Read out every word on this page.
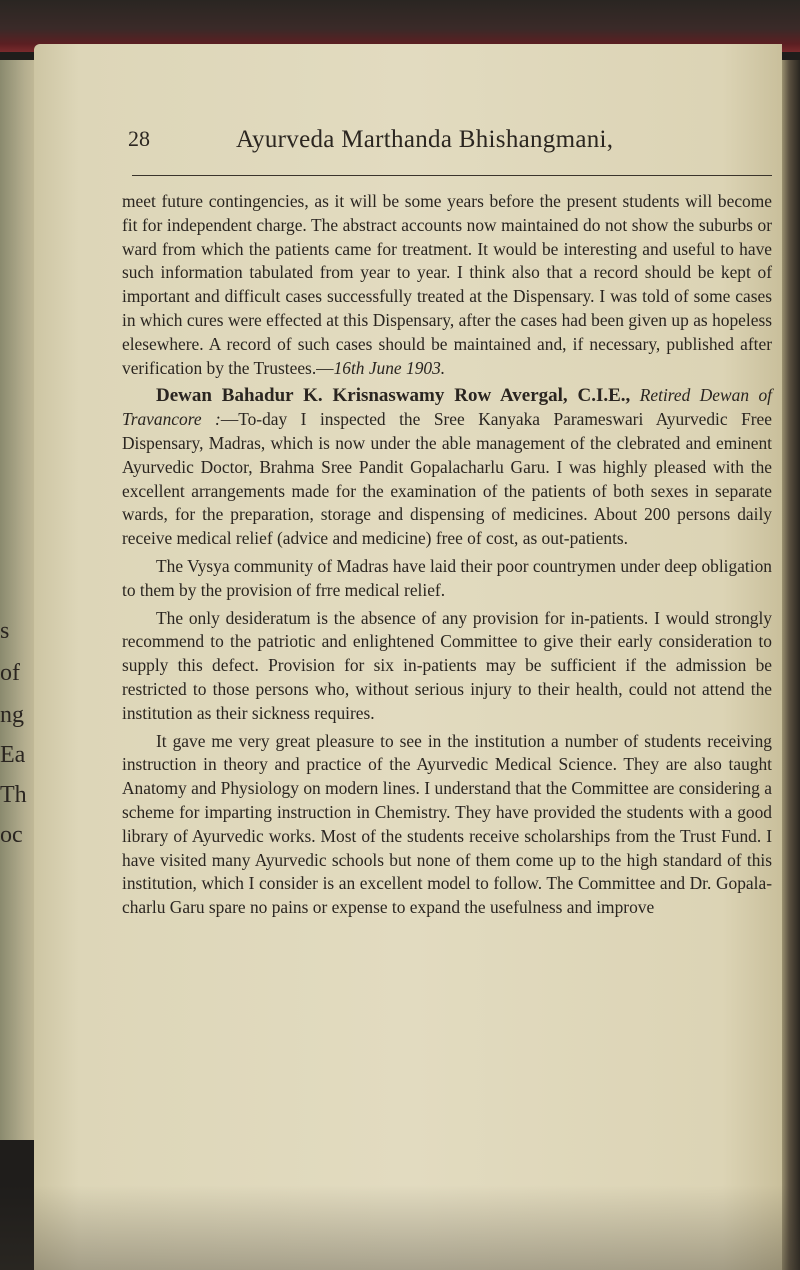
s
of
ng
Ea
Th
oc
28	Ayurveda Marthanda Bhishangmani,

meet future contingencies, as it will be some years before the present students will become fit for independent charge. The abstract accounts now maintained do not show the suburbs or ward from which the patients came for treatment. It would be interesting and useful to have such information tabulated from year to year. I think also that a record should be kept of important and difficult cases successfully treated at the Dispensary. I was told of some cases in which cures were effected at this Dispensary, after the cases had been given up as hopeless elesewhere. A record of such cases should be maintained and, if necessary, published after verification by the Trustees.—16th June 1903.

Dewan Bahadur K. Krisnaswamy Row Avergal, C.I.E., Retired Dewan of Travancore :—To-day I inspected the Sree Kanyaka Parameswari Ayurvedic Free Dispensary, Madras, which is now under the able management of the clebrated and eminent Ayurvedic Doctor, Brahma Sree Pandit Gopalacharlu Garu. I was highly pleased with the excellent arrangements made for the examination of the patients of both sexes in separate wards, for the preparation, storage and dispensing of medicines. About 200 persons daily receive medical relief (advice and medicine) free of cost, as out-patients.

The Vysya community of Madras have laid their poor countrymen under deep obligation to them by the provision of frre medical relief.

The only desideratum is the absence of any provision for in-patients. I would strongly recommend to the patriotic and enlightened Committee to give their early consideration to supply this defect. Provision for six in-patients may be sufficient if the admission be restricted to those persons who, without serious injury to their health, could not attend the institution as their sickness requires.

It gave me very great pleasure to see in the institution a number of students receiving instruction in theory and practice of the Ayurvedic Medical Science. They are also taught Anatomy and Physiology on modern lines. I understand that the Committee are considering a scheme for imparting instruction in Chemistry. They have provided the students with a good library of Ayurvedic works. Most of the students receive scholarships from the Trust Fund. I have visited many Ayurvedic schools but none of them come up to the high standard of this institution, which I consider is an excellent model to follow. The Committee and Dr. Gopala-charlu Garu spare no pains or expense to expand the usefulness and improve
